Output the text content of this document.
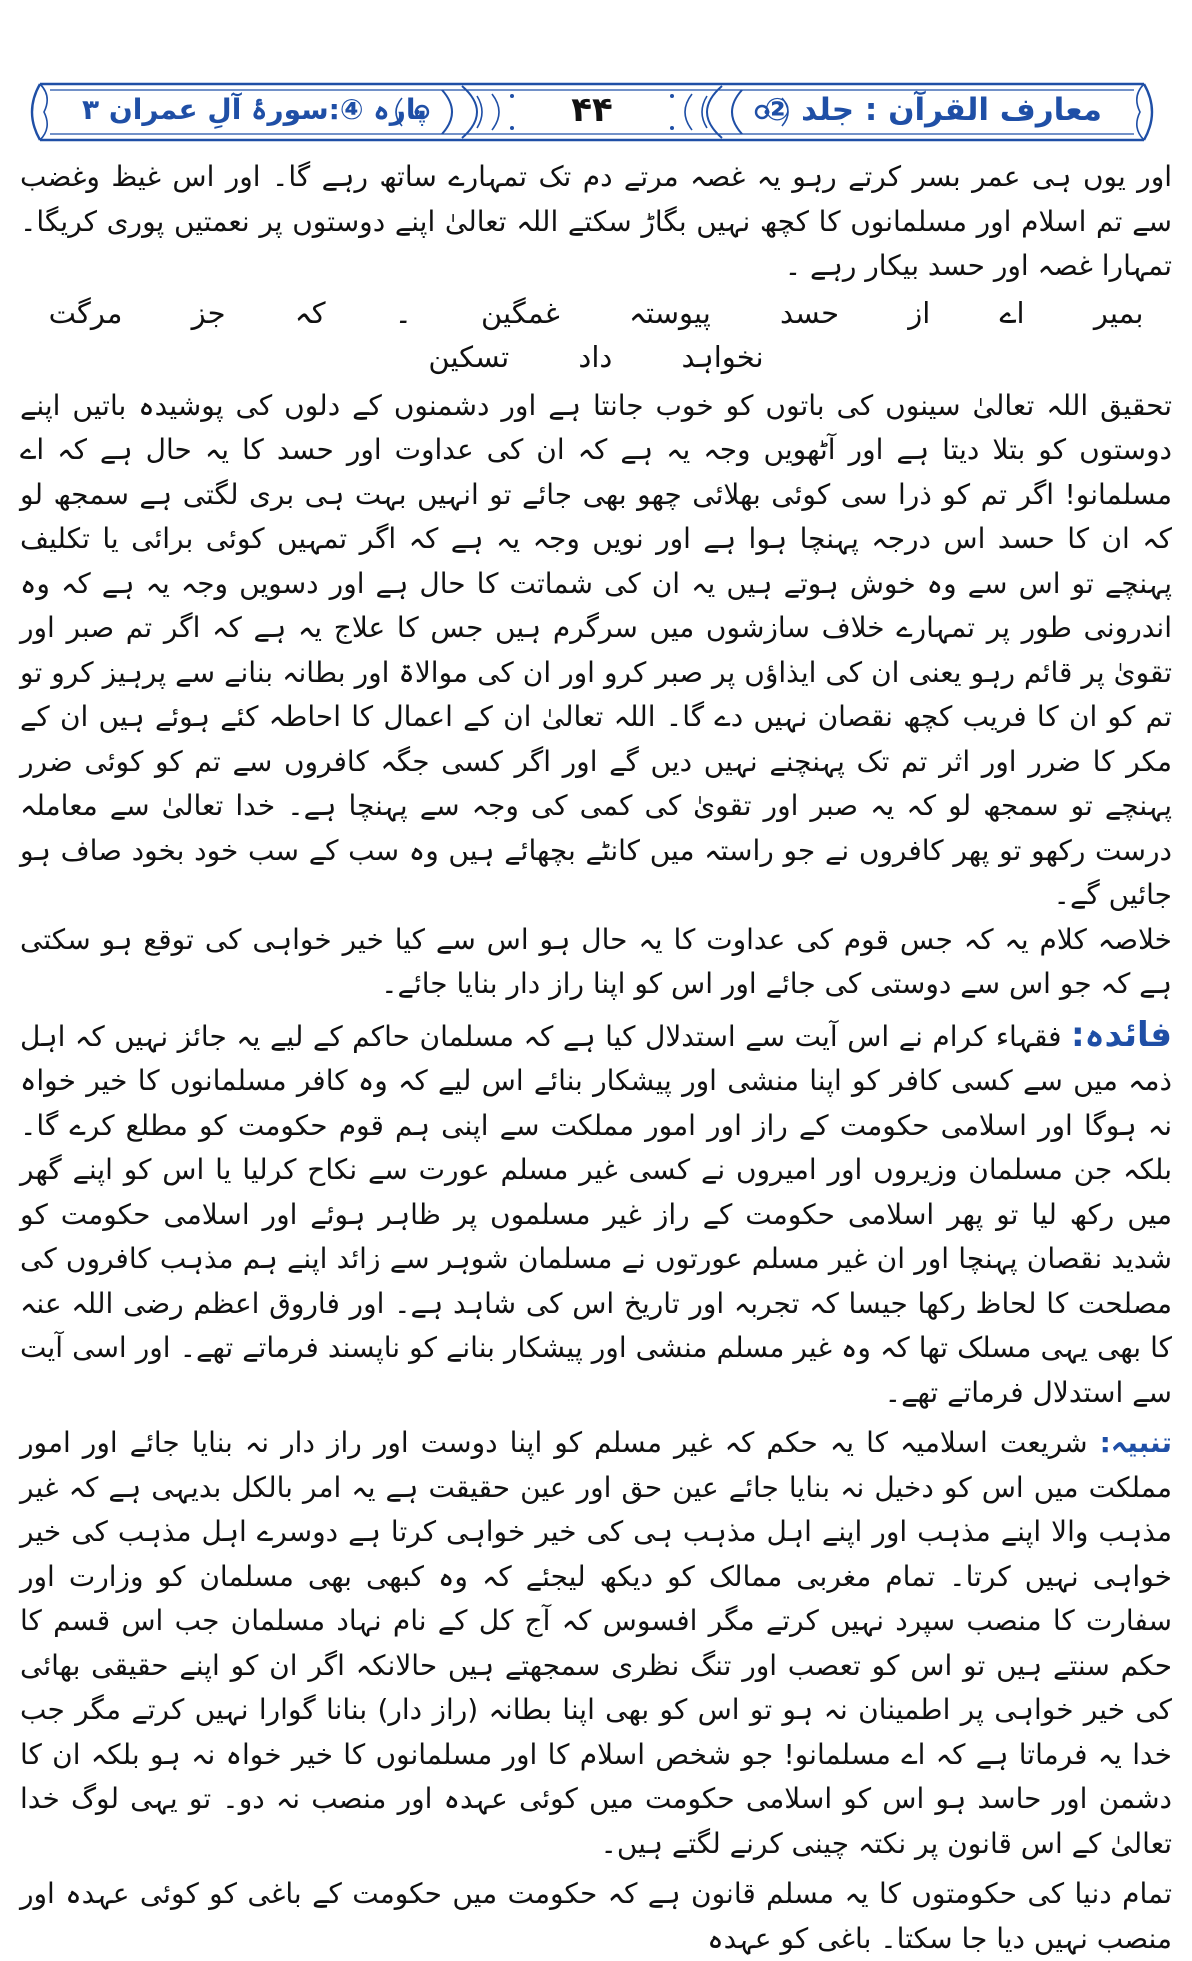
پارہ ④:سورۂ آلِ عمران ۳	۴۴	معارف القرآن : جلد ②

اور یوں ہی عمر بسر کرتے رہو یہ غصہ مرتے دم تک تمہارے ساتھ رہے گا۔ اور اس غیظ وغضب سے تم اسلام اور مسلمانوں کا کچھ نہیں بگاڑ سکتے اللہ تعالیٰ اپنے دوستوں پر نعمتیں پوری کریگا۔ تمہارا غصہ اور حسد بیکار رہے ۔

بمیر اے از حسد پیوستہ غمگین ۔ کہ جز مرگت نخواہد داد تسکین

تحقیق اللہ تعالیٰ سینوں کی باتوں کو خوب جانتا ہے اور دشمنوں کے دلوں کی پوشیدہ باتیں اپنے دوستوں کو بتلا دیتا ہے اور آٹھویں وجہ یہ ہے کہ ان کی عداوت اور حسد کا یہ حال ہے کہ اے مسلمانو! اگر تم کو ذرا سی کوئی بھلائی چھو بھی جائے تو انہیں بہت ہی بری لگتی ہے سمجھ لو کہ ان کا حسد اس درجہ پہنچا ہوا ہے اور نویں وجہ یہ ہے کہ اگر تمہیں کوئی برائی یا تکلیف پہنچے تو اس سے وہ خوش ہوتے ہیں یہ ان کی شماتت کا حال ہے اور دسویں وجہ یہ ہے کہ وہ اندرونی طور پر تمہارے خلاف سازشوں میں سرگرم ہیں جس کا علاج یہ ہے کہ اگر تم صبر اور تقویٰ پر قائم رہو یعنی ان کی ایذاؤں پر صبر کرو اور ان کی موالاۃ اور بطانہ بنانے سے پرہیز کرو تو تم کو ان کا فریب کچھ نقصان نہیں دے گا۔ اللہ تعالیٰ ان کے اعمال کا احاطہ کئے ہوئے ہیں ان کے مکر کا ضرر اور اثر تم تک پہنچنے نہیں دیں گے اور اگر کسی جگہ کافروں سے تم کو کوئی ضرر پہنچے تو سمجھ لو کہ یہ صبر اور تقویٰ کی کمی کی وجہ سے پہنچا ہے۔ خدا تعالیٰ سے معاملہ درست رکھو تو پھر کافروں نے جو راستہ میں کانٹے بچھائے ہیں وہ سب کے سب خود بخود صاف ہو جائیں گے۔

خلاصہ کلام یہ کہ جس قوم کی عداوت کا یہ حال ہو اس سے کیا خیر خواہی کی توقع ہو سکتی ہے کہ جو اس سے دوستی کی جائے اور اس کو اپنا راز دار بنایا جائے۔

فائدہ: فقہاء کرام نے اس آیت سے استدلال کیا ہے کہ مسلمان حاکم کے لیے یہ جائز نہیں کہ اہل ذمہ میں سے کسی کافر کو اپنا منشی اور پیشکار بنائے اس لیے کہ وہ کافر مسلمانوں کا خیر خواہ نہ ہوگا اور اسلامی حکومت کے راز اور امور مملکت سے اپنی ہم قوم حکومت کو مطلع کرے گا۔ بلکہ جن مسلمان وزیروں اور امیروں نے کسی غیر مسلم عورت سے نکاح کرلیا یا اس کو اپنے گھر میں رکھ لیا تو پھر اسلامی حکومت کے راز غیر مسلموں پر ظاہر ہوئے اور اسلامی حکومت کو شدید نقصان پہنچا اور ان غیر مسلم عورتوں نے مسلمان شوہر سے زائد اپنے ہم مذہب کافروں کی مصلحت کا لحاظ رکھا جیسا کہ تجربہ اور تاریخ اس کی شاہد ہے۔ اور فاروق اعظم رضی اللہ عنہ کا بھی یہی مسلک تھا کہ وہ غیر مسلم منشی اور پیشکار بنانے کو ناپسند فرماتے تھے۔ اور اسی آیت سے استدلال فرماتے تھے۔

تنبیہ: شریعت اسلامیہ کا یہ حکم کہ غیر مسلم کو اپنا دوست اور راز دار نہ بنایا جائے اور امور مملکت میں اس کو دخیل نہ بنایا جائے عین حق اور عین حقیقت ہے یہ امر بالکل بدیہی ہے کہ غیر مذہب والا اپنے مذہب اور اپنے اہل مذہب ہی کی خیر خواہی کرتا ہے دوسرے اہل مذہب کی خیر خواہی نہیں کرتا۔ تمام مغربی ممالک کو دیکھ لیجئے کہ وہ کبھی بھی مسلمان کو وزارت اور سفارت کا منصب سپرد نہیں کرتے مگر افسوس کہ آج کل کے نام نہاد مسلمان جب اس قسم کا حکم سنتے ہیں تو اس کو تعصب اور تنگ نظری سمجھتے ہیں حالانکہ اگر ان کو اپنے حقیقی بھائی کی خیر خواہی پر اطمینان نہ ہو تو اس کو بھی اپنا بطانہ (راز دار) بنانا گوارا نہیں کرتے مگر جب خدا یہ فرماتا ہے کہ اے مسلمانو! جو شخص اسلام کا اور مسلمانوں کا خیر خواہ نہ ہو بلکہ ان کا دشمن اور حاسد ہو اس کو اسلامی حکومت میں کوئی عہدہ اور منصب نہ دو۔ تو یہی لوگ خدا تعالیٰ کے اس قانون پر نکتہ چینی کرنے لگتے ہیں۔

تمام دنیا کی حکومتوں کا یہ مسلم قانون ہے کہ حکومت میں حکومت کے باغی کو کوئی عہدہ اور منصب نہیں دیا جا سکتا۔ باغی کو عہدہ
